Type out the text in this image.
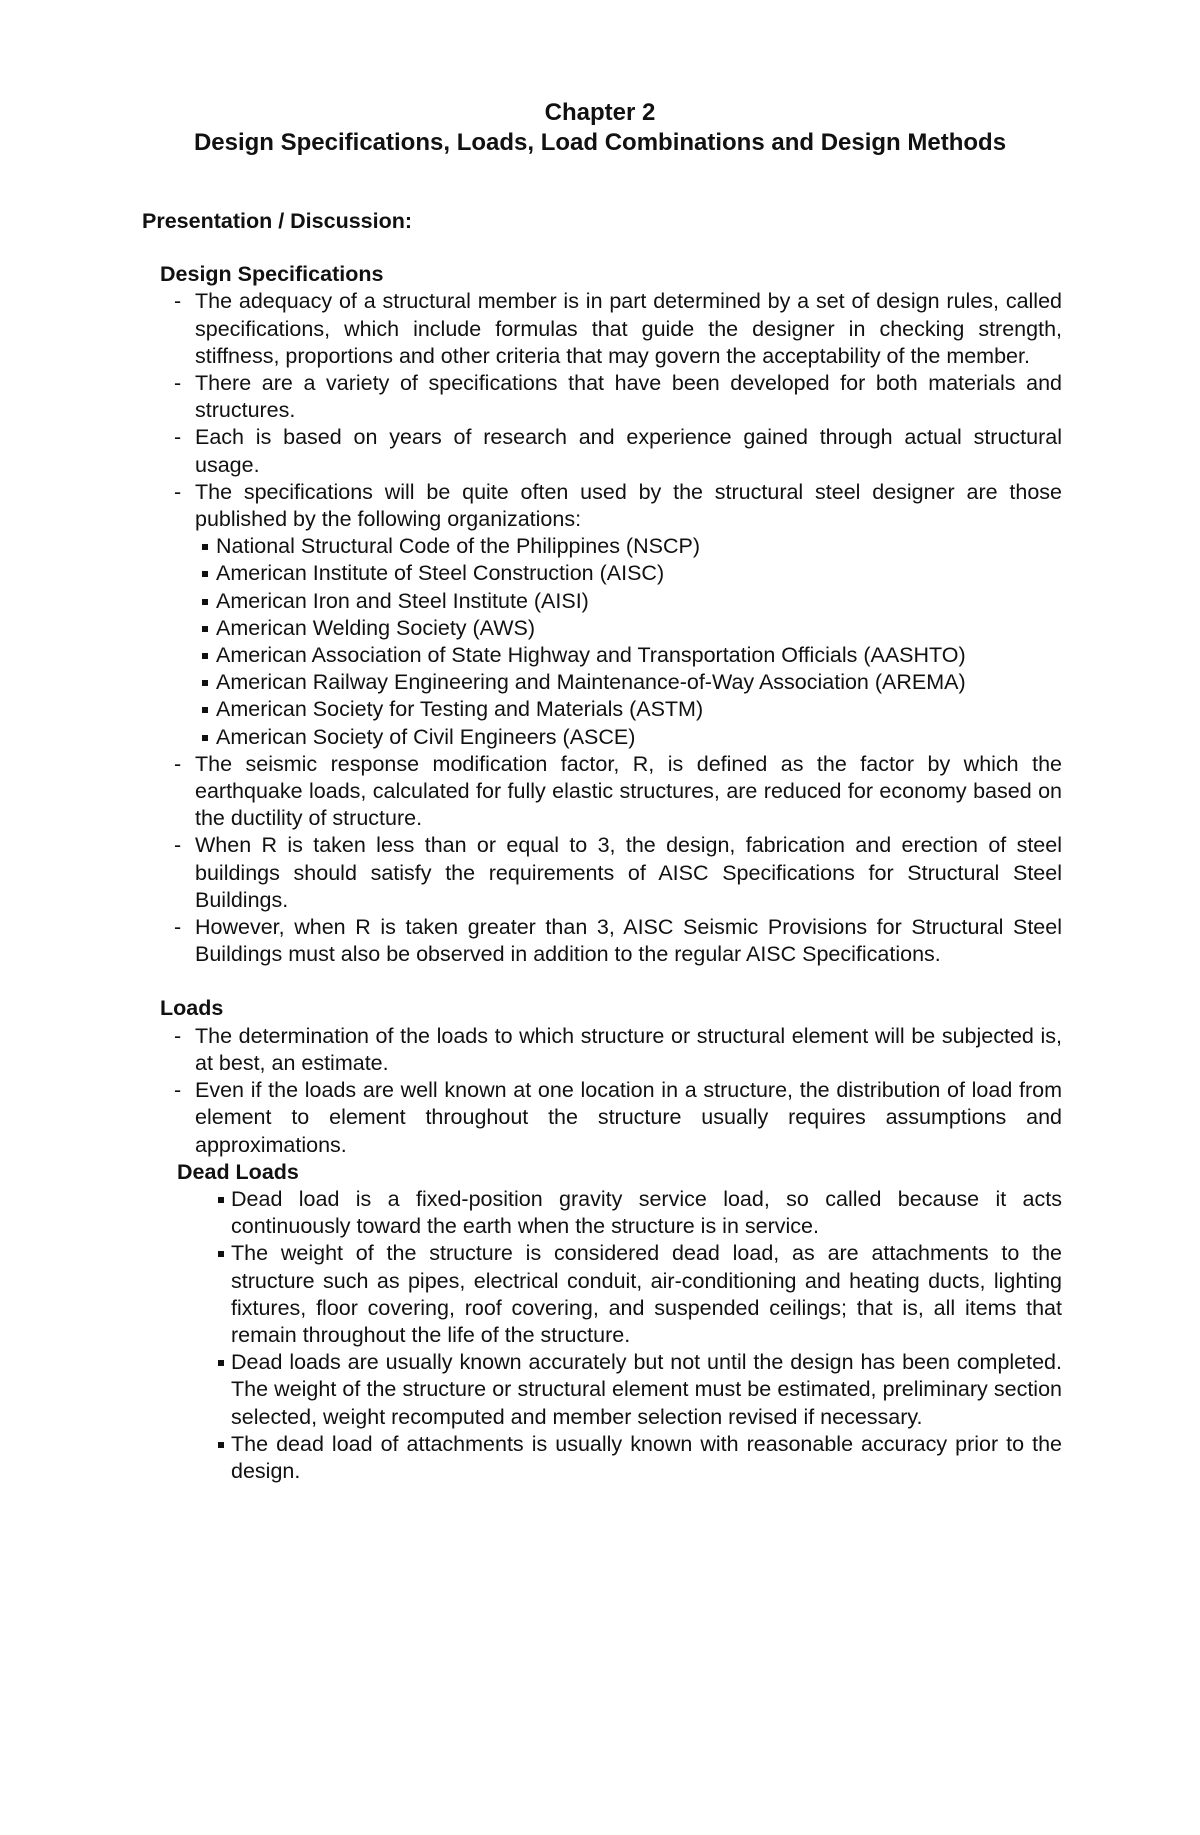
Chapter 2
Design Specifications, Loads, Load Combinations and Design Methods
Presentation / Discussion:
Design Specifications
- The adequacy of a structural member is in part determined by a set of design rules, called specifications, which include formulas that guide the designer in checking strength, stiffness, proportions and other criteria that may govern the acceptability of the member.
- There are a variety of specifications that have been developed for both materials and structures.
- Each is based on years of research and experience gained through actual structural usage.
- The specifications will be quite often used by the structural steel designer are those published by the following organizations:
National Structural Code of the Philippines (NSCP)
American Institute of Steel Construction (AISC)
American Iron and Steel Institute (AISI)
American Welding Society (AWS)
American Association of State Highway and Transportation Officials (AASHTO)
American Railway Engineering and Maintenance-of-Way Association (AREMA)
American Society for Testing and Materials (ASTM)
American Society of Civil Engineers (ASCE)
- The seismic response modification factor, R, is defined as the factor by which the earthquake loads, calculated for fully elastic structures, are reduced for economy based on the ductility of structure.
- When R is taken less than or equal to 3, the design, fabrication and erection of steel buildings should satisfy the requirements of AISC Specifications for Structural Steel Buildings.
- However, when R is taken greater than 3, AISC Seismic Provisions for Structural Steel Buildings must also be observed in addition to the regular AISC Specifications.
Loads
- The determination of the loads to which structure or structural element will be subjected is, at best, an estimate.
- Even if the loads are well known at one location in a structure, the distribution of load from element to element throughout the structure usually requires assumptions and approximations.
Dead Loads
Dead load is a fixed-position gravity service load, so called because it acts continuously toward the earth when the structure is in service.
The weight of the structure is considered dead load, as are attachments to the structure such as pipes, electrical conduit, air-conditioning and heating ducts, lighting fixtures, floor covering, roof covering, and suspended ceilings; that is, all items that remain throughout the life of the structure.
Dead loads are usually known accurately but not until the design has been completed. The weight of the structure or structural element must be estimated, preliminary section selected, weight recomputed and member selection revised if necessary.
The dead load of attachments is usually known with reasonable accuracy prior to the design.
